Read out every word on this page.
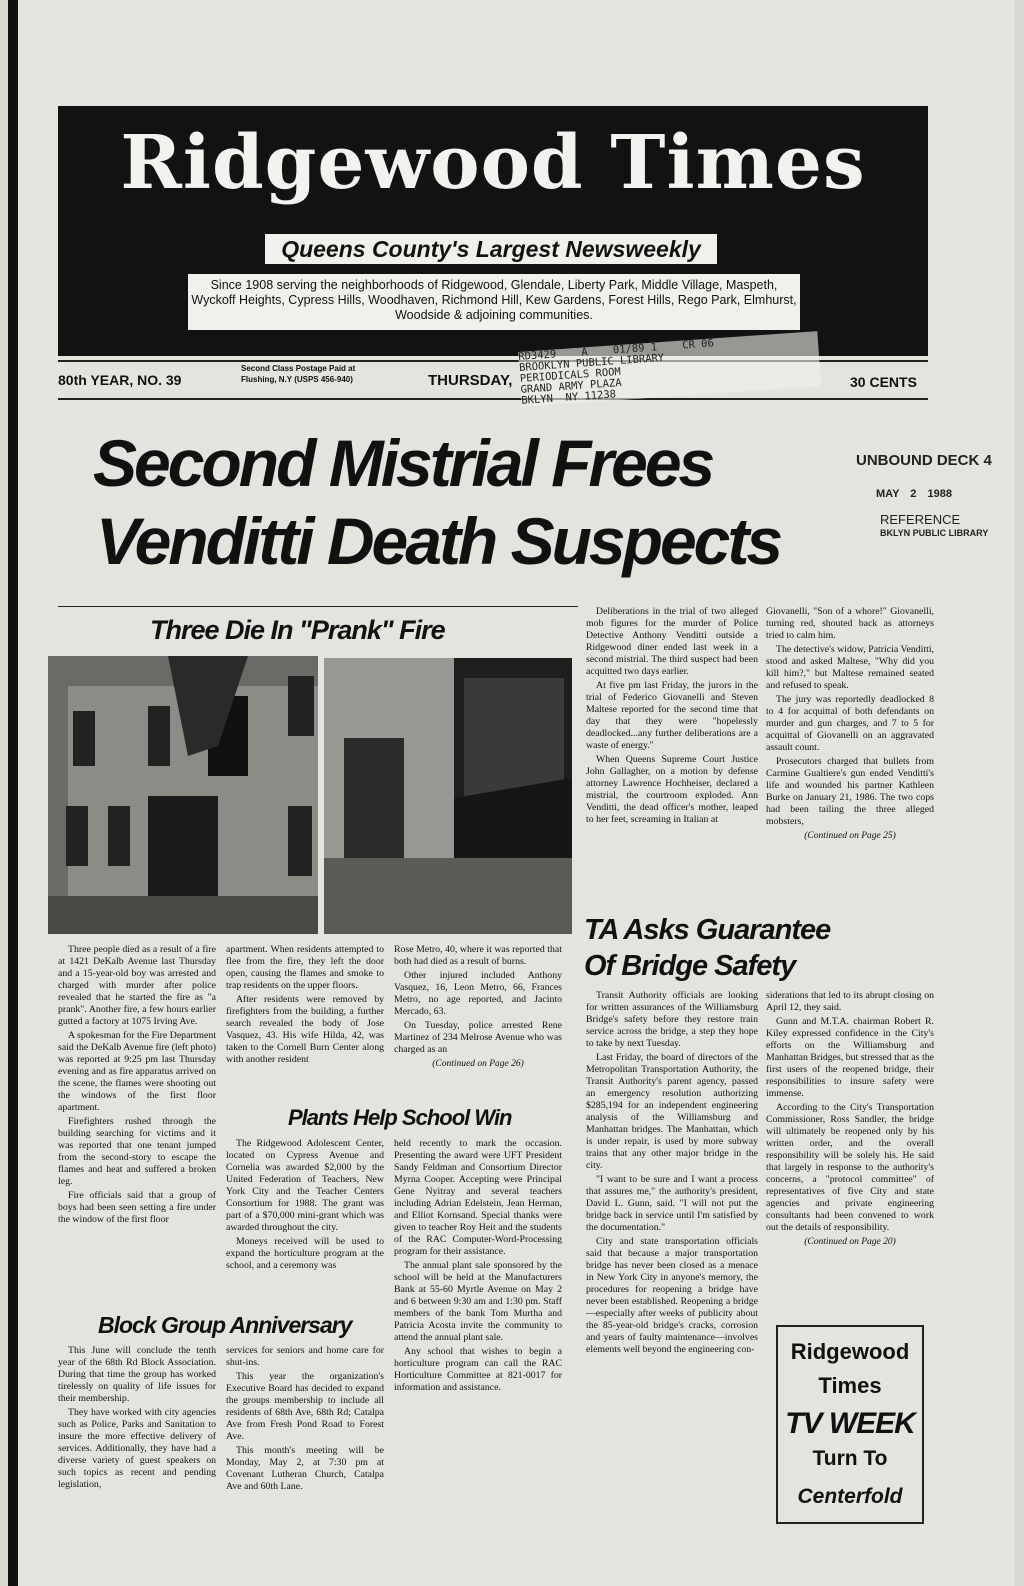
Ridgewood Times
Queens County's Largest Newsweekly
Since 1908 serving the neighborhoods of Ridgewood, Glendale, Liberty Park, Middle Village, Maspeth, Wyckoff Heights, Cypress Hills, Woodhaven, Richmond Hill, Kew Gardens, Forest Hills, Rego Park, Elmhurst, Woodside & adjoining communities.
80th YEAR, NO. 39
Second Class Postage Paid at
Flushing, N.Y (USPS 456-940)	THURSDAY,	30 CENTS
RD3429    A    01/89 1    CR 06
BROOKLYN PUBLIC LIBRARY
PERIODICALS ROOM
GRAND ARMY PLAZA
BKLYN  NY 11238
Second Mistrial Frees
Venditti Death Suspects
UNBOUND DECK 4
MAY 2 1988
REFERENCE
BKLYN PUBLIC LIBRARY
Three Die In "Prank" Fire

Three people died as a result of a fire at 1421 DeKalb Avenue last Thursday and a 15-year-old boy was arrested and charged with murder after police revealed that he started the fire as "a prank". Another fire, a few hours earlier gutted a factory at 1075 Irving Ave.

A spokesman for the Fire Department said the DeKalb Avenue fire (left photo) was reported at 9:25 pm last Thursday evening and as fire apparatus arrived on the scene, the flames were shooting out the windows of the first floor apartment.

Firefighters rushed through the building searching for victims and it was reported that one tenant jumped from the second-story to escape the flames and heat and suffered a broken leg.

Fire officials said that a group of boys had been seen setting a fire under the window of the first floor

apartment. When residents attempted to flee from the fire, they left the door open, causing the flames and smoke to trap residents on the upper floors.

After residents were removed by firefighters from the building, a further search revealed the body of Jose Vasquez, 43. His wife Hilda, 42, was taken to the Cornell Burn Center along with another resident

Rose Metro, 40, where it was reported that both had died as a result of burns.

Other injured included Anthony Vasquez, 16, Leon Metro, 66, Frances Metro, no age reported, and Jacinto Mercado, 63.

On Tuesday, police arrested Rene Martinez of 234 Melrose Avenue who was charged as an

(Continued on Page 26)
Plants Help School Win

The Ridgewood Adolescent Center, located on Cypress Avenue and Cornelia was awarded $2,000 by the United Federation of Teachers, New York City and the Teacher Centers Consortium for 1988. The grant was part of a $70,000 mini-grant which was awarded throughout the city.

Moneys received will be used to expand the horticulture program at the school, and a ceremony was

held recently to mark the occasion. Presenting the award were UFT President Sandy Feldman and Consortium Director Myrna Cooper. Accepting were Principal Gene Nyitray and several teachers including Adrian Edelstein, Jean Herman, and Elliot Kornsand. Special thanks were given to teacher Roy Heit and the students of the RAC Computer-Word-Processing program for their assistance.

The annual plant sale sponsored by the school will be held at the Manufacturers Bank at 55-60 Myrtle Avenue on May 2 and 6 between 9:30 am and 1:30 pm. Staff members of the bank Tom Murtha and Patricia Acosta invite the community to attend the annual plant sale.

Any school that wishes to begin a horticulture program can call the RAC Horticulture Committee at 821-0017 for information and assistance.

Block Group Anniversary

This June will conclude the tenth year of the 68th Rd Block Association. During that time the group has worked tirelessly on quality of life issues for their membership.

They have worked with city agencies such as Police, Parks and Sanitation to insure the more effective delivery of services. Additionally, they have had a diverse variety of guest speakers on such topics as recent and pending legislation,

services for seniors and home care for shut-ins.

This year the organization's Executive Board has decided to expand the groups membership to include all residents of 68th Ave, 68th Rd; Catalpa Ave from Fresh Pond Road to Forest Ave.

This month's meeting will be Monday, May 2, at 7:30 pm at Covenant Lutheran Church, Catalpa Ave and 60th Lane.

Deliberations in the trial of two alleged mob figures for the murder of Police Detective Anthony Venditti outside a Ridgewood diner ended last week in a second mistrial. The third suspect had been acquitted two days earlier.

At five pm last Friday, the jurors in the trial of Federico Giovanelli and Steven Maltese reported for the second time that day that they were "hopelessly deadlocked...any further deliberations are a waste of energy."

When Queens Supreme Court Justice John Gallagher, on a motion by defense attorney Lawrence Hochheiser, declared a mistrial, the courtroom exploded. Ann Venditti, the dead officer's mother, leaped to her feet, screaming in Italian at

Giovanelli, "Son of a whore!" Giovanelli, turning red, shouted back as attorneys tried to calm him.

The detective's widow, Patricia Venditti, stood and asked Maltese, "Why did you kill him?," but Maltese remained seated and refused to speak.

The jury was reportedly deadlocked 8 to 4 for acquittal of both defendants on murder and gun charges, and 7 to 5 for acquittal of Giovanelli on an aggravated assault count.

Prosecutors charged that bullets from Carmine Gualtiere's gun ended Venditti's life and wounded his partner Kathleen Burke on January 21, 1986. The two cops had been tailing the three alleged mobsters,

(Continued on Page 25)
TA Asks Guarantee
Of Bridge Safety

Transit Authority officials are looking for written assurances of the Williamsburg Bridge's safety before they restore train service across the bridge, a step they hope to take by next Tuesday.

Last Friday, the board of directors of the Metropolitan Transportation Authority, the Transit Authority's parent agency, passed an emergency resolution authorizing $285,194 for an independent engineering analysis of the Williamsburg and Manhattan bridges. The Manhattan, which is under repair, is used by more subway trains that any other major bridge in the city.

"I want to be sure and I want a process that assures me," the authority's president, David L. Gunn, said. "I will not put the bridge back in service until I'm satisfied by the documentation."

City and state transportation officials said that because a major transportation bridge has never been closed as a menace in New York City in anyone's memory, the procedures for reopening a bridge have never been established. Reopening a bridge—especially after weeks of publicity about the 85-year-old bridge's cracks, corrosion and years of faulty maintenance—involves elements well beyond the engineering con-

siderations that led to its abrupt closing on April 12, they said.

Gunn and M.T.A. chairman Robert R. Kiley expressed confidence in the City's efforts on the Williamsburg and Manhattan Bridges, but stressed that as the first users of the reopened bridge, their responsibilities to insure safety were immense.

According to the City's Transportation Commissioner, Ross Sandler, the bridge will ultimately be reopened only by his written order, and the overall responsibility will be solely his. He said that largely in response to the authority's concerns, a "protocol committee" of representatives of five City and state agencies and private engineering consultants had been convened to work out the details of responsibility.

(Continued on Page 20)
Ridgewood
Times
TV WEEK
Turn To
Centerfold
